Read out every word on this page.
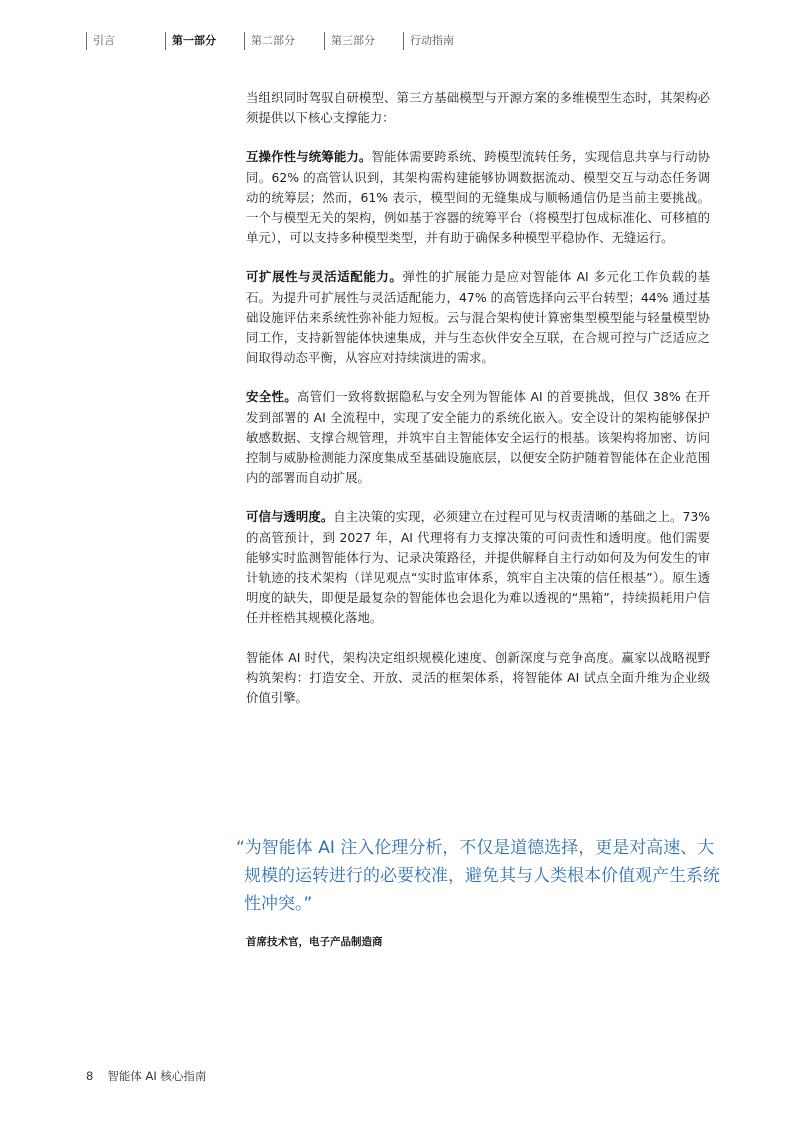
引言	第一部分	第二部分	第三部分	行动指南

当组织同时驾驭自研模型、第三方基础模型与开源方案的多维模型生态时，其架构必须提供以下核心支撑能力：

互操作性与统筹能力。智能体需要跨系统、跨模型流转任务，实现信息共享与行动协同。62% 的高管认识到，其架构需构建能够协调数据流动、模型交互与动态任务调动的统筹层；然而，61% 表示，模型间的无缝集成与顺畅通信仍是当前主要挑战。一个与模型无关的架构，例如基于容器的统筹平台（将模型打包成标准化、可移植的单元），可以支持多种模型类型，并有助于确保多种模型平稳协作、无缝运行。

可扩展性与灵活适配能力。弹性的扩展能力是应对智能体 AI 多元化工作负载的基石。为提升可扩展性与灵活适配能力，47% 的高管选择向云平台转型；44% 通过基础设施评估来系统性弥补能力短板。云与混合架构使计算密集型模型能与轻量模型协同工作，支持新智能体快速集成，并与生态伙伴安全互联，在合规可控与广泛适应之间取得动态平衡，从容应对持续演进的需求。

安全性。高管们一致将数据隐私与安全列为智能体 AI 的首要挑战，但仅 38% 在开发到部署的 AI 全流程中，实现了安全能力的系统化嵌入。安全设计的架构能够保护敏感数据、支撑合规管理，并筑牢自主智能体安全运行的根基。该架构将加密、访问控制与威胁检测能力深度集成至基础设施底层，以便安全防护随着智能体在企业范围内的部署而自动扩展。

可信与透明度。自主决策的实现，必须建立在过程可见与权责清晰的基础之上。73% 的高管预计，到 2027 年，AI 代理将有力支撑决策的可问责性和透明度。他们需要能够实时监测智能体行为、记录决策路径，并提供解释自主行动如何及为何发生的审计轨迹的技术架构（详见观点“实时监审体系，筑牢自主决策的信任根基”）。原生透明度的缺失，即便是最复杂的智能体也会退化为难以透视的“黑箱”，持续损耗用户信任并桎梏其规模化落地。

智能体 AI 时代，架构决定组织规模化速度、创新深度与竞争高度。赢家以战略视野构筑架构：打造安全、开放、灵活的框架体系，将智能体 AI 试点全面升维为企业级价值引擎。

“为智能体 AI 注入伦理分析，不仅是道德选择，更是对高速、大规模的运转进行的必要校准，避免其与人类根本价值观产生系统性冲突。”
首席技术官，电子产品制造商
8 智能体 AI 核心指南
